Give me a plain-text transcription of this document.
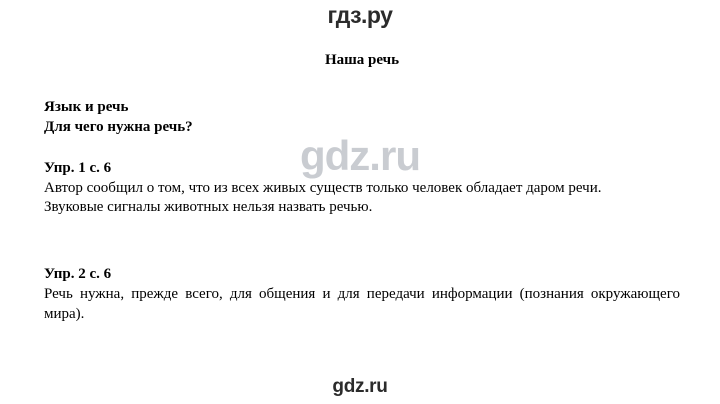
гдз.ру
gdz.ru
Наша речь
Язык и речь
Для чего нужна речь?
Упр. 1 с. 6

Автор сообщил о том, что из всех живых существ только человек обладает даром речи.

Звуковые сигналы животных нельзя назвать речью.

Упр. 2 с. 6

Речь нужна, прежде всего, для общения и для передачи информации (познания окружающего мира).

gdz.ru
